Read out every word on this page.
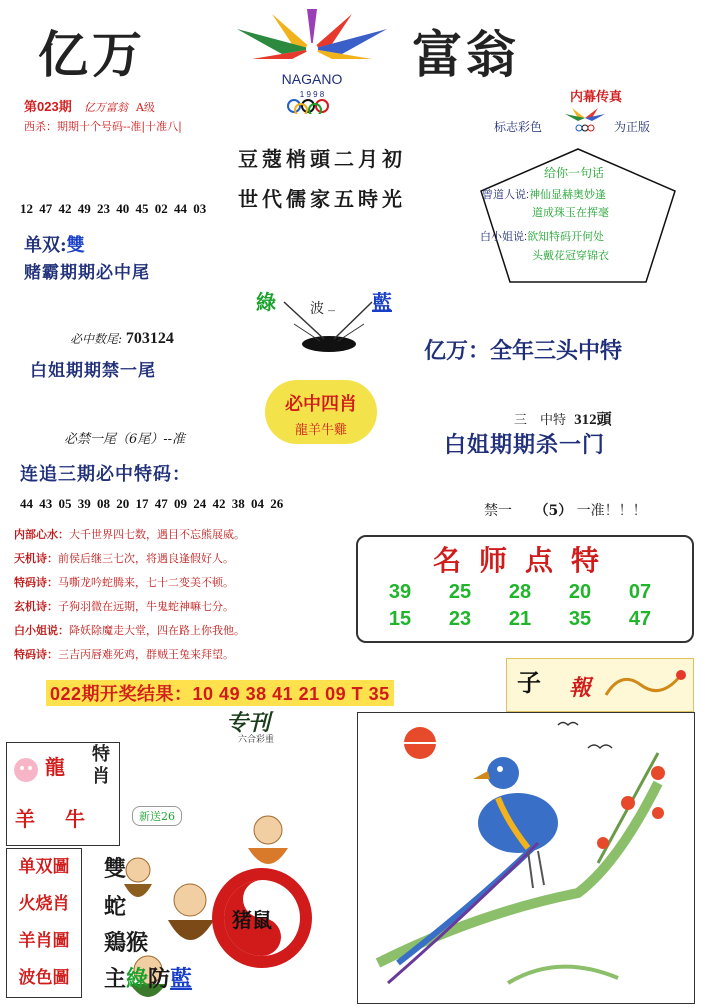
亿万	富翁
NAGANO
1 9 9 8
第023期 亿万富翁 A级
西杀：期期十个号码--准|十准八|
豆蔻梢頭二月初
世代儒家五時光
内幕传真
标志彩色	为正版
给你一句话
曾道人说:神仙显赫奥妙逢
道成珠玉在挥毫
白小姐说:欲知特码开何处
头戴花冠穿锦衣
12 47 42 49 23 40 45 02 44 03
单双:雙
赌霸期期必中尾
綠 波 _ 藍
必中数尾: 703124
白姐期期禁一尾
亿万：全年三头中特
必中四肖
龍羊牛雞
三　中特 312頭
必禁一尾（6尾）--准	白姐期期杀一门
连追三期必中特码：
44 43 05 39 08 20 17 47 09 24 42 38 04 26	禁一 （5） 一准！！！
内部心水：大千世界四七数，遇目不忘熊展威。
天机诗：前侯后继三七次，将遇良逢假好人。
特码诗：马嘶龙吟蛇腾来，七十二变美不顿。
玄机诗：子狗羽微在远期，牛鬼蛇神嘛七分。
白小姐说：降妖除魔走大堂，四在路上你我他。
特码诗：三吉丙唇难死鸡，群贼王兔来拜望。
名师点特
39 25 28 20 07
15 23 21 35 47
022期开奖结果：10 49 38 41 21 09 T 35
专刊
六合彩重
龍
羊 牛
特肖
新送26
单双圖
火烧肖
羊肖圖
波色圖
雙
蛇
鶏猴
主綠防藍
猪鼠
子 報
